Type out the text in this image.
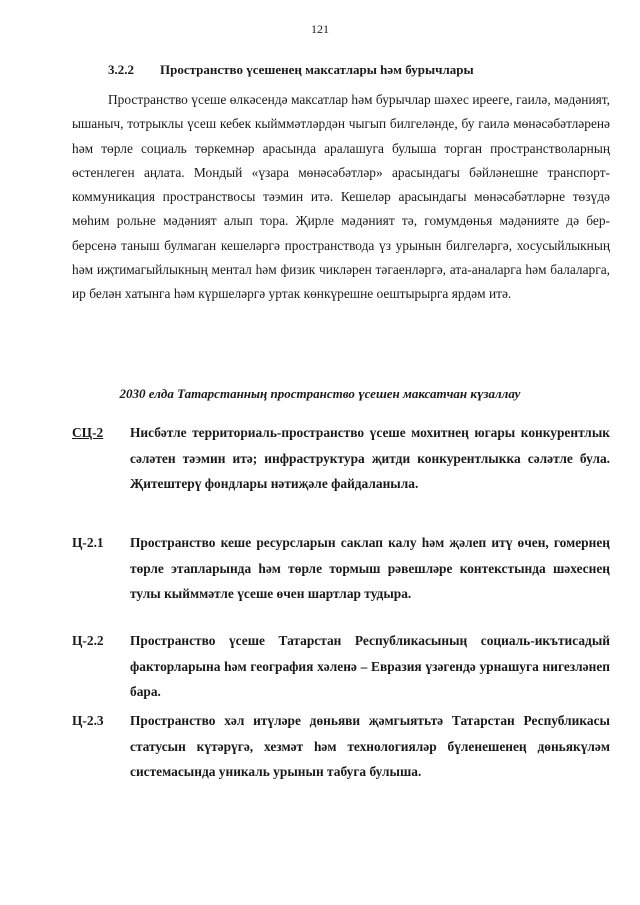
121
3.2.2 Пространство үсешенең максатлары һәм бурычлары

Пространство үсеше өлкәсендә максатлар һәм бурычлар шәхес ирееге, гаилә, мәдәният, ышаныч, тотрыклы үсеш кебек кыйммәтләрдән чыгып билгеләнде, бу гаилә мөнәсәбәтләренә һәм төрле социаль төркемнәр арасында аралашуга булыша торган пространстволарның өстенлеген аңлата. Мондый «үзара мөнәсәбәтләр» арасындагы бәйләнешне транспорт-коммуникация пространствосы тәэмин итә. Кешеләр арасындагы мөнәсәбәтләрне төзүдә мөһим рольне мәдәният алып тора. Җирле мәдәният тә, гомумдөнья мәдәнияте дә бер-берсенә таныш булмаган кешеләргә пространствода үз урынын билгеләргә, хосусыйлыкның һәм иҗтимагыйлыкның ментал һәм физик чикләрен тәгаенләргә, ата-аналарга һәм балаларга, ир белән хатынга һәм күршеләргә уртак көнкүрешне оештырырга ярдәм итә.

2030 елда Татарстанның пространство үсешен максатчан күзаллау
СЦ-2	Нисбәтле территориаль-пространство үсеше мохитнең югары конкурентлык сәләтен тәэмин итә; инфраструктура җитди конкурентлыкка сәләтле була. Җитештерү фондлары нәтиҗәле файдаланыла.
Ц-2.1	Пространство кеше ресурсларын саклап калу һәм җәлеп итү өчен, гомернең төрле этапларында һәм төрле тормыш рәвешләре контекстында шәхеснең тулы кыйммәтле үсеше өчен шартлар тудыра.
Ц-2.2	Пространство үсеше Татарстан Республикасының социаль-икътисадый факторларына һәм география хәленә – Евразия үзәгендә урнашуга нигезләнеп бара.
Ц-2.3	Пространство хәл итүләре дөньяви җәмгыятьтә Татарстан Республикасы статусын күтәрүгә, хезмәт һәм технологияләр бүленешенең дөньякүләм системасында уникаль урынын табуга булыша.
